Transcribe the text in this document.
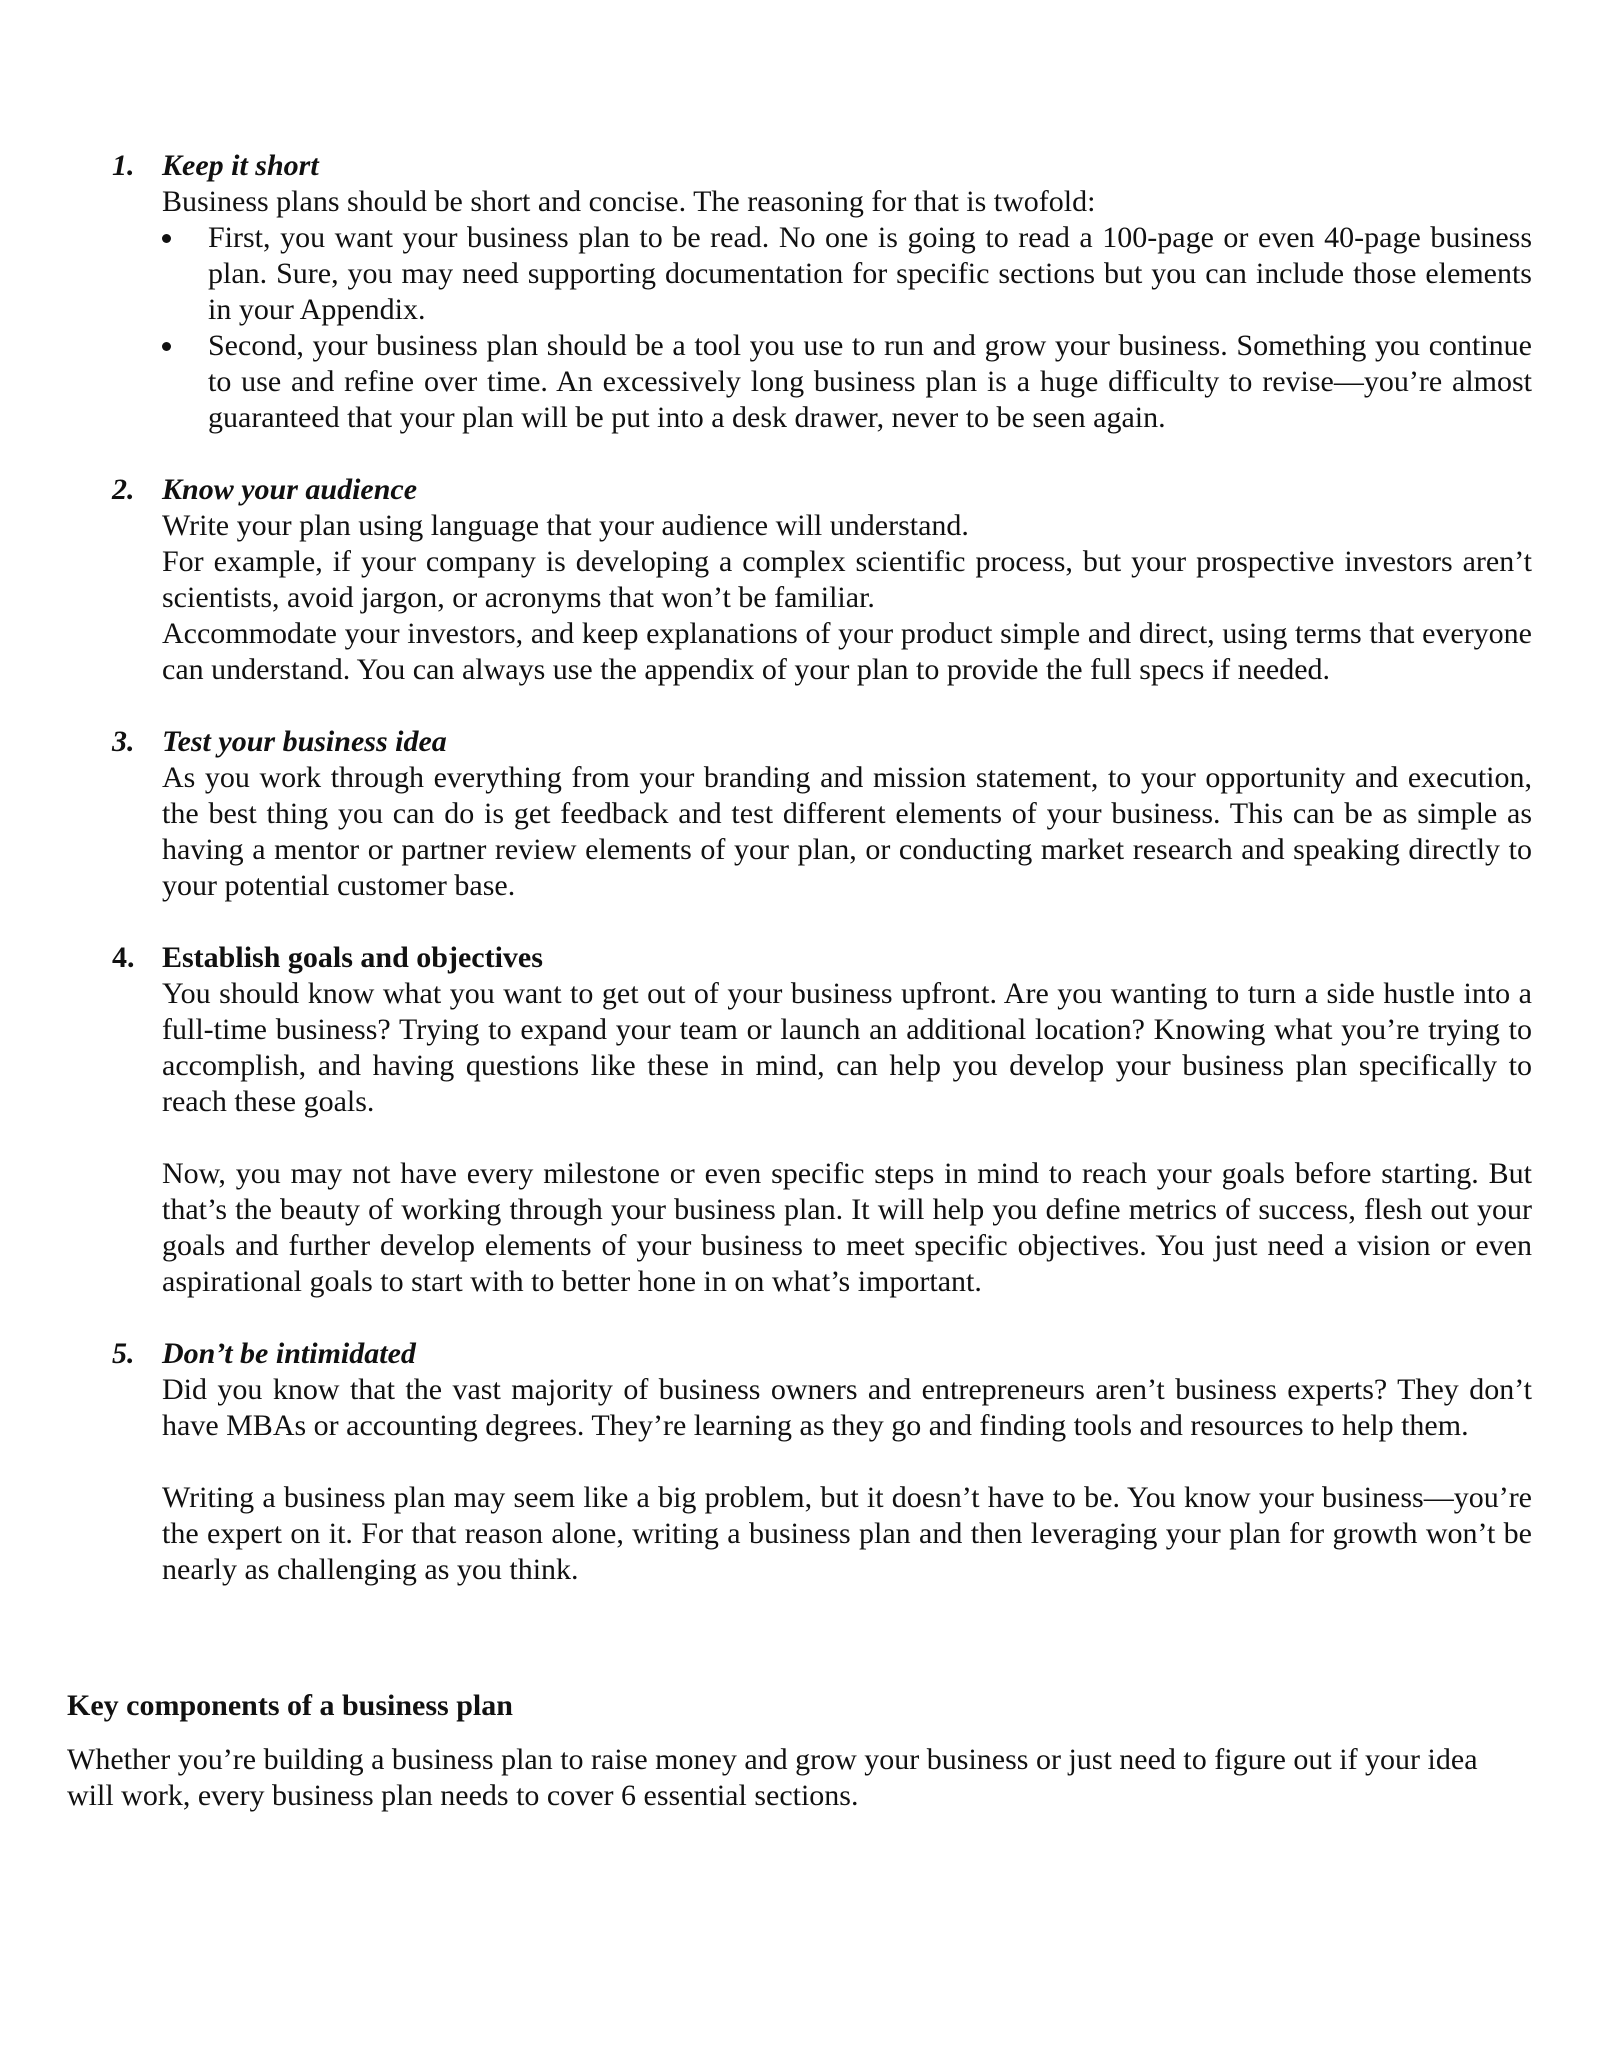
1. Keep it short

Business plans should be short and concise. The reasoning for that is twofold:

First, you want your business plan to be read. No one is going to read a 100-page or even 40-page business plan. Sure, you may need supporting documentation for specific sections but you can include those elements in your Appendix.
Second, your business plan should be a tool you use to run and grow your business. Something you continue to use and refine over time. An excessively long business plan is a huge difficulty to revise—you’re almost guaranteed that your plan will be put into a desk drawer, never to be seen again.
2. Know your audience

Write your plan using language that your audience will understand.

For example, if your company is developing a complex scientific process, but your prospective investors aren’t scientists, avoid jargon, or acronyms that won’t be familiar.

Accommodate your investors, and keep explanations of your product simple and direct, using terms that everyone can understand. You can always use the appendix of your plan to provide the full specs if needed.

3. Test your business idea

As you work through everything from your branding and mission statement, to your opportunity and execution, the best thing you can do is get feedback and test different elements of your business. This can be as simple as having a mentor or partner review elements of your plan, or conducting market research and speaking directly to your potential customer base.

4. Establish goals and objectives

You should know what you want to get out of your business upfront. Are you wanting to turn a side hustle into a full-time business? Trying to expand your team or launch an additional location? Knowing what you’re trying to accomplish, and having questions like these in mind, can help you develop your business plan specifically to reach these goals.

Now, you may not have every milestone or even specific steps in mind to reach your goals before starting. But that’s the beauty of working through your business plan. It will help you define metrics of success, flesh out your goals and further develop elements of your business to meet specific objectives. You just need a vision or even aspirational goals to start with to better hone in on what’s important.

5. Don’t be intimidated

Did you know that the vast majority of business owners and entrepreneurs aren’t business experts? They don’t have MBAs or accounting degrees. They’re learning as they go and finding tools and resources to help them.

Writing a business plan may seem like a big problem, but it doesn’t have to be. You know your business—you’re the expert on it. For that reason alone, writing a business plan and then leveraging your plan for growth won’t be nearly as challenging as you think.

Key components of a business plan

Whether you’re building a business plan to raise money and grow your business or just need to figure out if your idea will work, every business plan needs to cover 6 essential sections.
